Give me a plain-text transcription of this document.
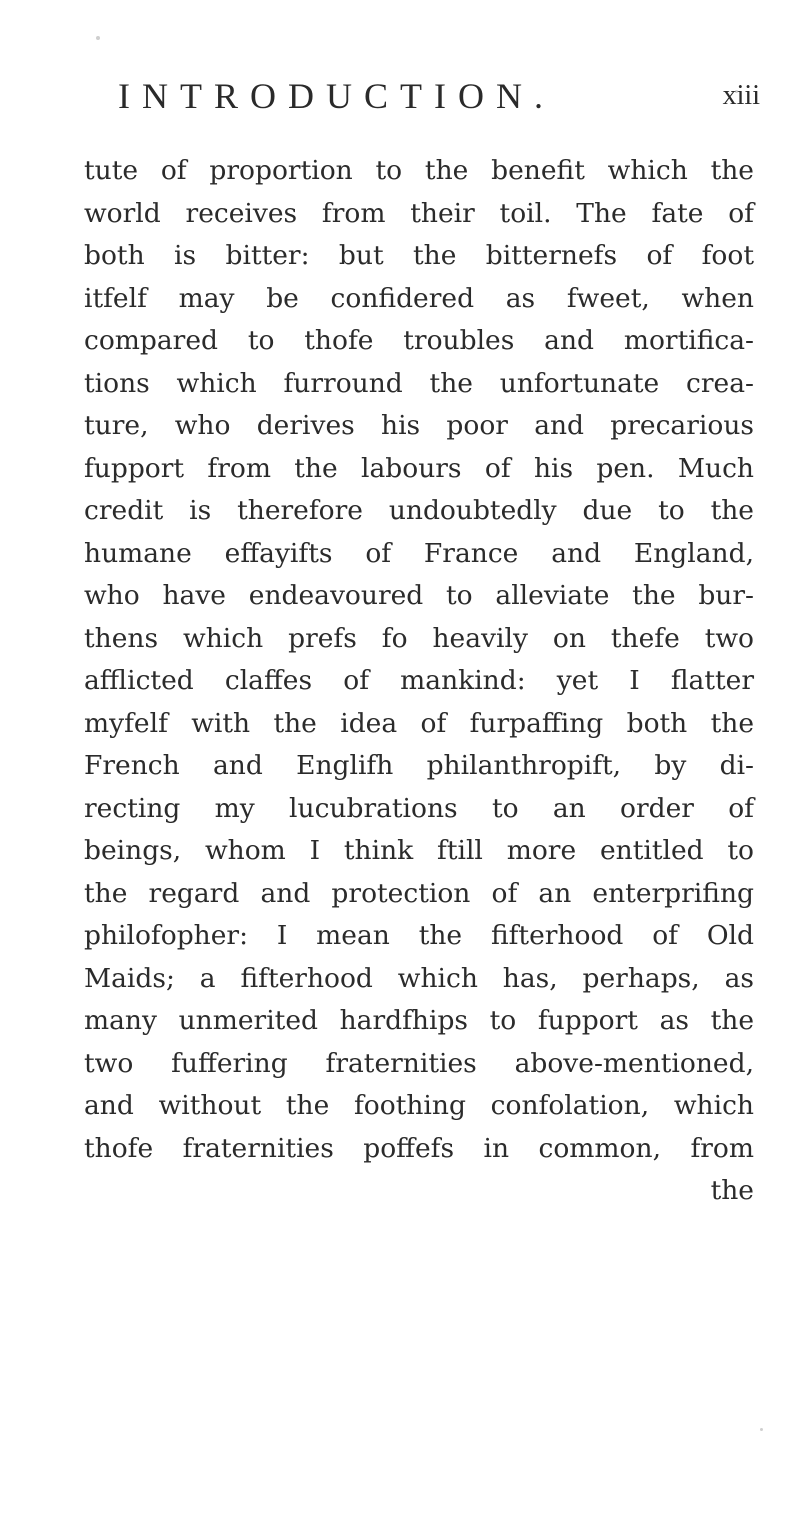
INTRODUCTION.	xiii
tute of proportion to the benefit which the
world receives from their toil. The fate of
both is bitter: but the bitternefs of foot
itfelf may be confidered as fweet, when
compared to thofe troubles and mortifica-
tions which furround the unfortunate crea-
ture, who derives his poor and precarious
fupport from the labours of his pen. Much
credit is therefore undoubtedly due to the
humane effayifts of France and England,
who have endeavoured to alleviate the bur-
thens which prefs fo heavily on thefe two
afflicted claffes of mankind: yet I flatter
myfelf with the idea of furpaffing both the
French and Englifh philanthropift, by di-
recting my lucubrations to an order of
beings, whom I think ftill more entitled to
the regard and protection of an enterprifing
philofopher: I mean the fifterhood of Old
Maids; a fifterhood which has, perhaps, as
many unmerited hardfhips to fupport as the
two fuffering fraternities above-mentioned,
and without the foothing confolation, which
thofe fraternities poffefs in common, from
the
